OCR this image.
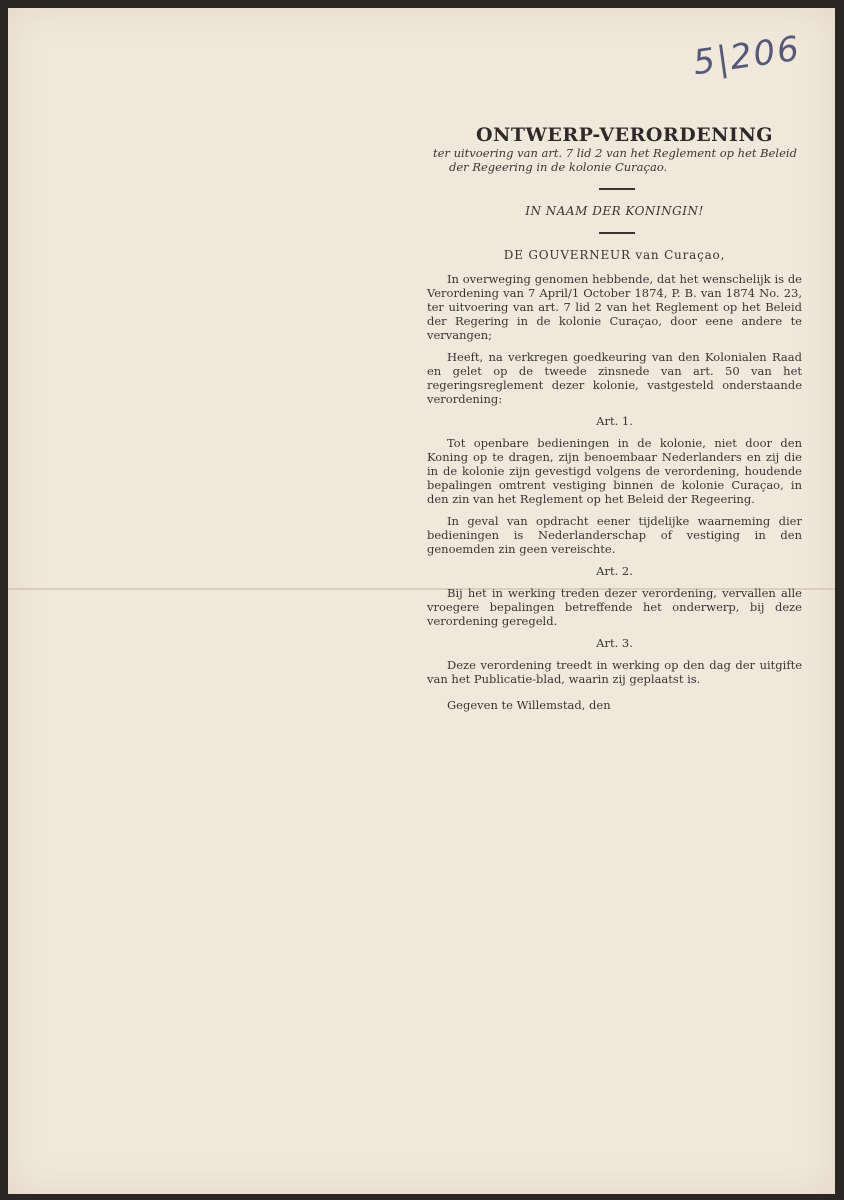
5|206
ONTWERP-VERORDENING
ter uitvoering van art. 7 lid 2 van het Reglement op het Beleid
der Regeering in de kolonie Curaçao.
IN NAAM DER KONINGIN!
DE GOUVERNEUR van Curaçao,

In overweging genomen hebbende, dat het wenschelijk is de Verordening van 7 April/1 October 1874, P. B. van 1874 No. 23, ter uitvoering van art. 7 lid 2 van het Reglement op het Beleid der Regering in de kolonie Curaçao, door eene andere te vervangen;

Heeft, na verkregen goedkeuring van den Kolonialen Raad en gelet op de tweede zinsnede van art. 50 van het regeringsreglement dezer kolonie, vastgesteld onderstaande verordening:

Art. 1.

Tot openbare bedieningen in de kolonie, niet door den Koning op te dragen, zijn benoembaar Nederlanders en zij die in de kolonie zijn gevestigd volgens de verordening, houdende bepalingen omtrent vestiging binnen de kolonie Curaçao, in den zin van het Reglement op het Beleid der Regeering.

In geval van opdracht eener tijdelijke waarneming dier bedieningen is Nederlanderschap of vestiging in den genoemden zin geen vereischte.

Art. 2.

Bij het in werking treden dezer verordening, vervallen alle vroegere bepalingen betreffende het onderwerp, bij deze verordening geregeld.

Art. 3.

Deze verordening treedt in werking op den dag der uitgifte van het Publicatie-blad, waarin zij geplaatst is.

Gegeven te Willemstad, den
